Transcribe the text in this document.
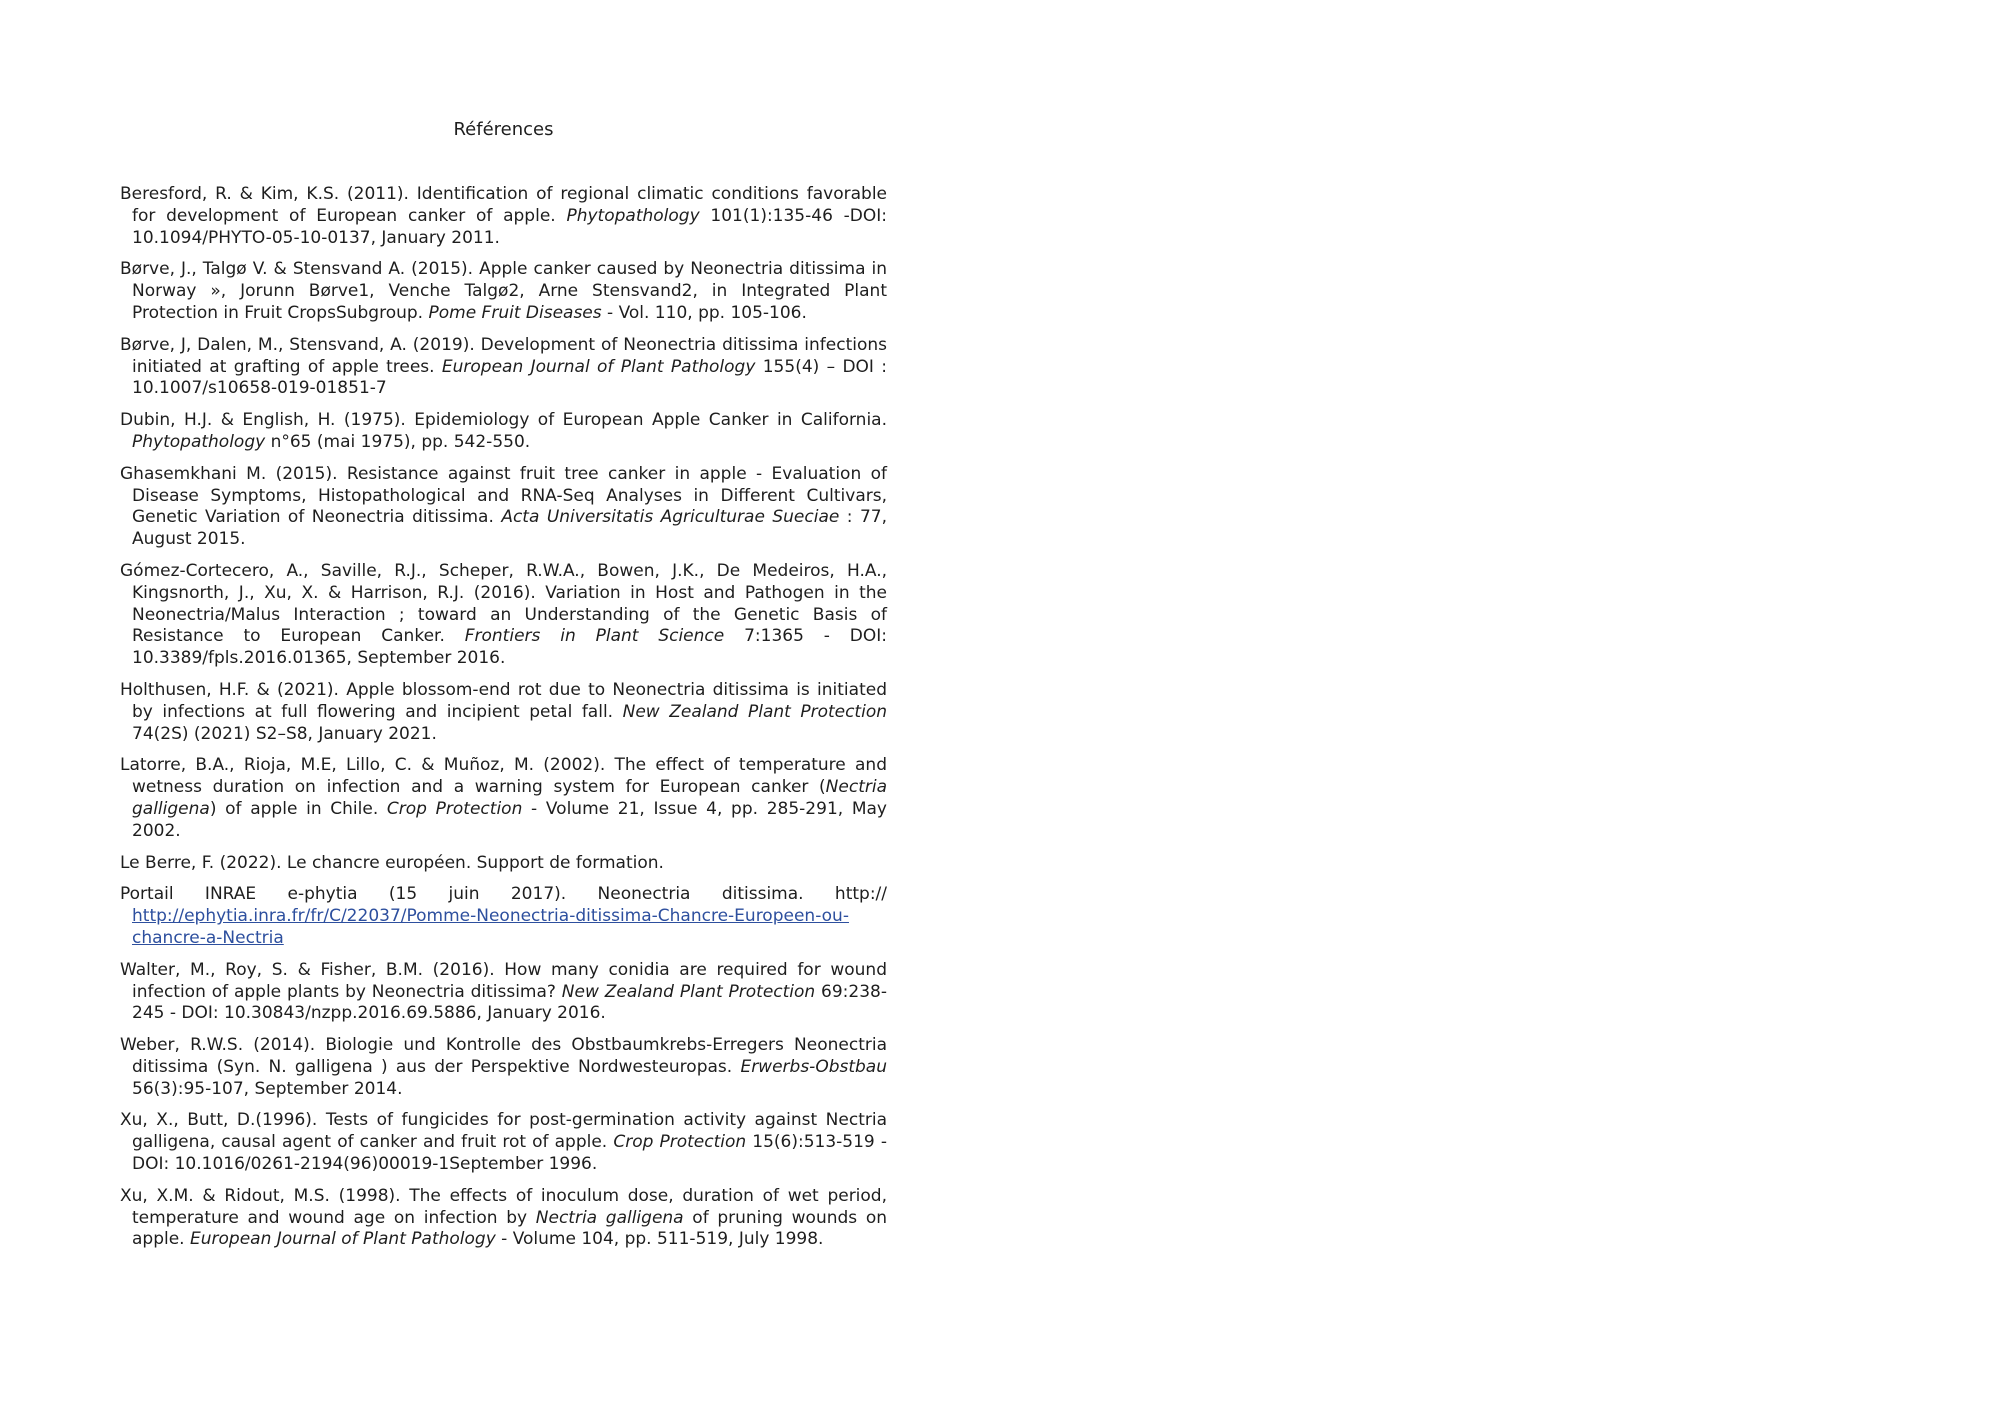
Références
Beresford, R. & Kim, K.S. (2011). Identification of regional climatic conditions favorable for development of European canker of apple. Phytopathology 101(1):135-46 -DOI: 10.1094/PHYTO-05-10-0137, January 2011.
Børve, J., Talgø V. & Stensvand A. (2015). Apple canker caused by Neonectria ditissima in Norway », Jorunn Børve1, Venche Talgø2, Arne Stensvand2, in Integrated Plant Protection in Fruit CropsSubgroup. Pome Fruit Diseases - Vol. 110, pp. 105-106.
Børve, J, Dalen, M., Stensvand, A. (2019). Development of Neonectria ditissima infections initiated at grafting of apple trees. European Journal of Plant Pathology 155(4) – DOI : 10.1007/s10658-019-01851-7
Dubin, H.J. & English, H. (1975). Epidemiology of European Apple Canker in California. Phytopathology n°65 (mai 1975), pp. 542-550.
Ghasemkhani M. (2015). Resistance against fruit tree canker in apple - Evaluation of Disease Symptoms, Histopathological and RNA-Seq Analyses in Different Cultivars, Genetic Variation of Neonectria ditissima. Acta Universitatis Agriculturae Sueciae : 77, August 2015.
Gómez-Cortecero, A., Saville, R.J., Scheper, R.W.A., Bowen, J.K., De Medeiros, H.A., Kingsnorth, J., Xu, X. & Harrison, R.J. (2016). Variation in Host and Pathogen in the Neonectria/Malus Interaction ; toward an Understanding of the Genetic Basis of Resistance to European Canker. Frontiers in Plant Science 7:1365 - DOI: 10.3389/fpls.2016.01365, September 2016.
Holthusen, H.F. & (2021). Apple blossom-end rot due to Neonectria ditissima is initiated by infections at full flowering and incipient petal fall. New Zealand Plant Protection 74(2S) (2021) S2–S8, January 2021.
Latorre, B.A., Rioja, M.E, Lillo, C. & Muñoz, M. (2002). The effect of temperature and wetness duration on infection and a warning system for European canker (Nectria galligena) of apple in Chile. Crop Protection - Volume 21, Issue 4, pp. 285-291, May 2002.
Le Berre, F. (2022). Le chancre européen. Support de formation.
Portail INRAE e-phytia (15 juin 2017). Neonectria ditissima. http:// http://ephytia.inra.fr/fr/C/22037/Pomme-Neonectria-ditissima-Chancre-Europeen-ou-chancre-a-Nectria
Walter, M., Roy, S. & Fisher, B.M. (2016). How many conidia are required for wound infection of apple plants by Neonectria ditissima? New Zealand Plant Protection 69:238-245 - DOI: 10.30843/nzpp.2016.69.5886, January 2016.
Weber, R.W.S. (2014). Biologie und Kontrolle des Obstbaumkrebs-Erregers Neonectria ditissima (Syn. N. galligena ) aus der Perspektive Nordwesteuropas. Erwerbs-Obstbau 56(3):95-107, September 2014.
Xu, X., Butt, D.(1996). Tests of fungicides for post-germination activity against Nectria galligena, causal agent of canker and fruit rot of apple. Crop Protection 15(6):513-519 - DOI: 10.1016/0261-2194(96)00019-1September 1996.
Xu, X.M. & Ridout, M.S. (1998). The effects of inoculum dose, duration of wet period, temperature and wound age on infection by Nectria galligena of pruning wounds on apple. European Journal of Plant Pathology - Volume 104, pp. 511-519, July 1998.
